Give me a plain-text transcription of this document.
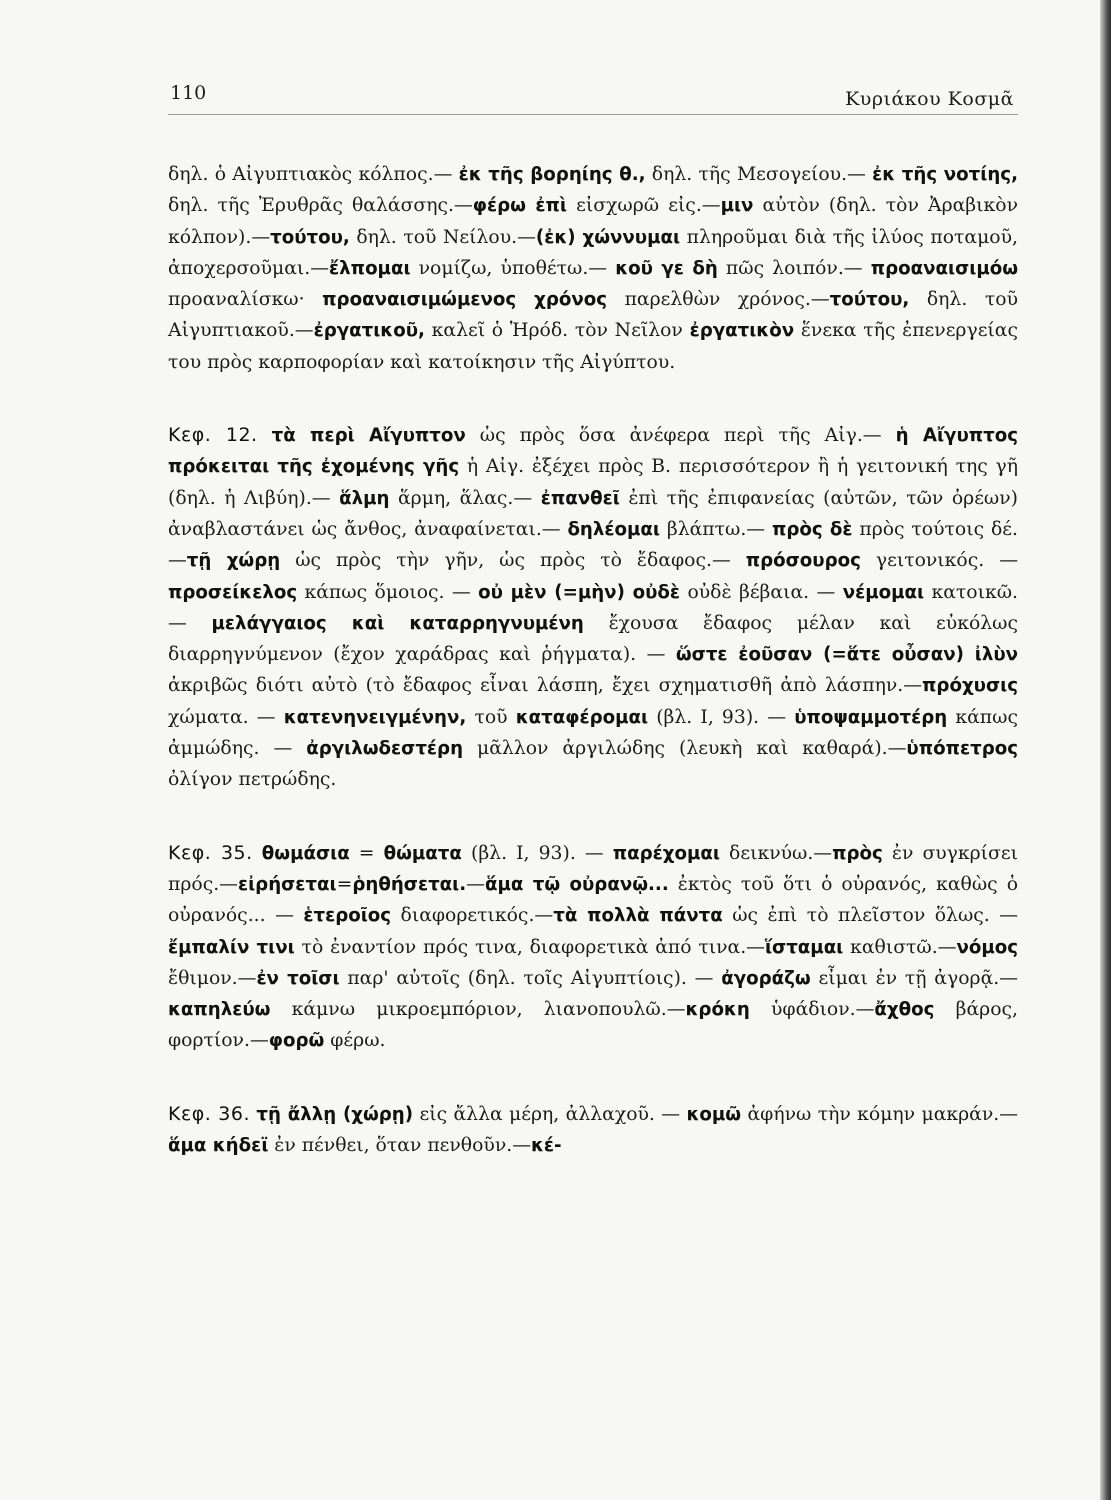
110	Κυριάκου Κοσμᾶ

δηλ. ὁ Αἰγυπτιακὸς κόλπος.— ἐκ τῆς βορηίης θ., δηλ. τῆς Μεσογείου.— ἐκ τῆς νοτίης, δηλ. τῆς Ἐρυθρᾶς θαλάσσης.—φέρω ἐπὶ εἰσχωρῶ εἰς.—μιν αὐτὸν (δηλ. τὸν Ἀραβικὸν κόλπον).—τούτου, δηλ. τοῦ Νείλου.—(ἐκ) χώννυμαι πληροῦμαι διὰ τῆς ἰλύος ποταμοῦ, ἀποχερσοῦμαι.—ἔλπομαι νομίζω, ὑποθέτω.— κοῦ γε δὴ πῶς λοιπόν.— προαναισιμόω προαναλίσκω· προαναισιμώμενος χρόνος παρελθὼν χρόνος.—τούτου, δηλ. τοῦ Αἰγυπτιακοῦ.—ἐργατικοῦ, καλεῖ ὁ Ἡρόδ. τὸν Νεῖλον ἐργατικὸν ἕνεκα τῆς ἐπενεργείας του πρὸς καρποφορίαν καὶ κατοίκησιν τῆς Αἰγύπτου.

Κεφ. 12. τὰ περὶ Αἴγυπτον ὡς πρὸς ὅσα ἀνέφερα περὶ τῆς Αἰγ.— ἡ Αἴγυπτος πρόκειται τῆς ἐχομένης γῆς ἡ Αἰγ. ἐξέχει πρὸς Β. περισσότερον ἢ ἡ γειτονική της γῆ (δηλ. ἡ Λιβύη).— ἅλμη ἅρμη, ἅλας.— ἐπανθεῖ ἐπὶ τῆς ἐπιφανείας (αὐτῶν, τῶν ὀρέων) ἀναβλαστάνει ὡς ἄνθος, ἀναφαίνεται.— δηλέομαι βλάπτω.— πρὸς δὲ πρὸς τούτοις δέ.—τῇ χώρῃ ὡς πρὸς τὴν γῆν, ὡς πρὸς τὸ ἔδαφος.— πρόσουρος γειτονικός. — προσείκελος κάπως ὅμοιος. — οὐ μὲν (=μὴν) οὐδὲ οὐδὲ βέβαια. — νέμομαι κατοικῶ. — μελάγγαιος καὶ καταρρηγνυμένη ἔχουσα ἔδαφος μέλαν καὶ εὐκόλως διαρρηγνύμενον (ἔχον χαράδρας καὶ ῥήγματα). — ὥστε ἐοῦσαν (=ἅτε οὖσαν) ἰλὺν ἀκριβῶς διότι αὐτὸ (τὸ ἔδαφος εἶναι λάσπη, ἔχει σχηματισθῆ ἀπὸ λάσπην.—πρόχυσις χώματα. — κατενηνειγμένην, τοῦ καταφέρομαι (βλ. I, 93). — ὑποψαμμοτέρη κάπως ἀμμώδης. — ἀργιλωδεστέρη μᾶλλον ἀργιλώδης (λευκὴ καὶ καθαρά).—ὑπόπετρος ὀλίγον πετρώδης.

Κεφ. 35. θωμάσια = θώματα (βλ. I, 93). — παρέχομαι δεικνύω.—πρὸς ἐν συγκρίσει πρός.—εἰρήσεται=ῥηθήσεται.—ἅμα τῷ οὐρανῷ... ἐκτὸς τοῦ ὅτι ὁ οὐρανός, καθὼς ὁ οὐρανός... — ἑτεροῖος διαφορετικός.—τὰ πολλὰ πάντα ὡς ἐπὶ τὸ πλεῖστον ὅλως. — ἔμπαλίν τινι τὸ ἐναντίον πρός τινα, διαφορετικὰ ἀπό τινα.—ἵσταμαι καθιστῶ.—νόμος ἔθιμον.—ἐν τοῖσι παρ' αὐτοῖς (δηλ. τοῖς Αἰγυπτίοις). — ἀγοράζω εἶμαι ἐν τῇ ἀγορᾷ.— καπηλεύω κάμνω μικροεμπόριον, λιανοπουλῶ.—κρόκη ὑφάδιον.—ἄχθος βάρος, φορτίον.—φορῶ φέρω.

Κεφ. 36. τῇ ἄλλῃ (χώρῃ) εἰς ἄλλα μέρη, ἀλλαχοῦ. — κομῶ ἀφήνω τὴν κόμην μακράν.—ἅμα κήδεϊ ἐν πένθει, ὅταν πενθοῦν.—κέ-
